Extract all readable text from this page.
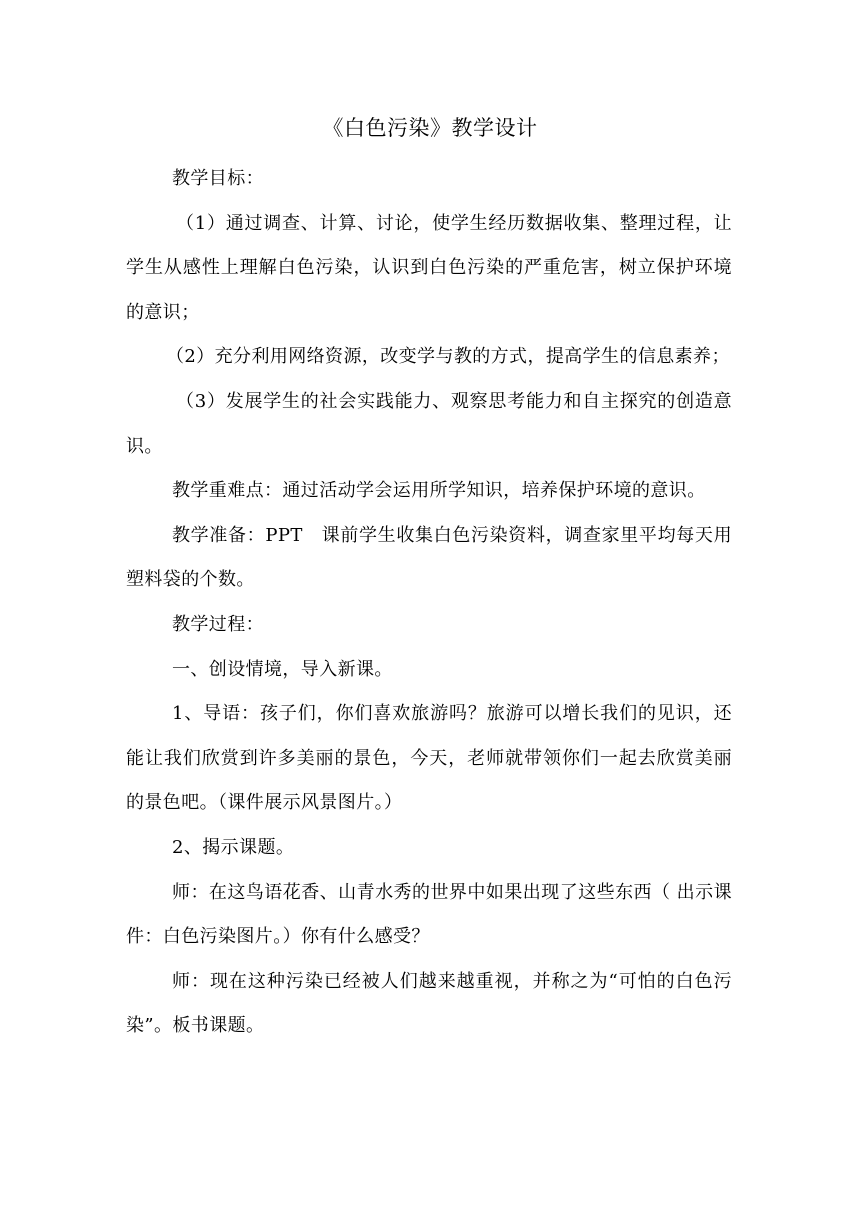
《白色污染》教学设计

教学目标：

（1）通过调查、计算、讨论，使学生经历数据收集、整理过程，让学生从感性上理解白色污染，认识到白色污染的严重危害，树立保护环境的意识；

（2）充分利用网络资源，改变学与教的方式，提高学生的信息素养；

（3）发展学生的社会实践能力、观察思考能力和自主探究的创造意识。

教学重难点：通过活动学会运用所学知识，培养保护环境的意识。

教学准备：PPT　课前学生收集白色污染资料，调查家里平均每天用塑料袋的个数。

教学过程：

一、创设情境，导入新课。

1、导语：孩子们，你们喜欢旅游吗？旅游可以增长我们的见识，还能让我们欣赏到许多美丽的景色，今天，老师就带领你们一起去欣赏美丽的景色吧。（课件展示风景图片。）

2、揭示课题。

师：在这鸟语花香、山青水秀的世界中如果出现了这些东西（ 出示课件：白色污染图片。）你有什么感受？

师：现在这种污染已经被人们越来越重视，并称之为“可怕的白色污染”。板书课题。
